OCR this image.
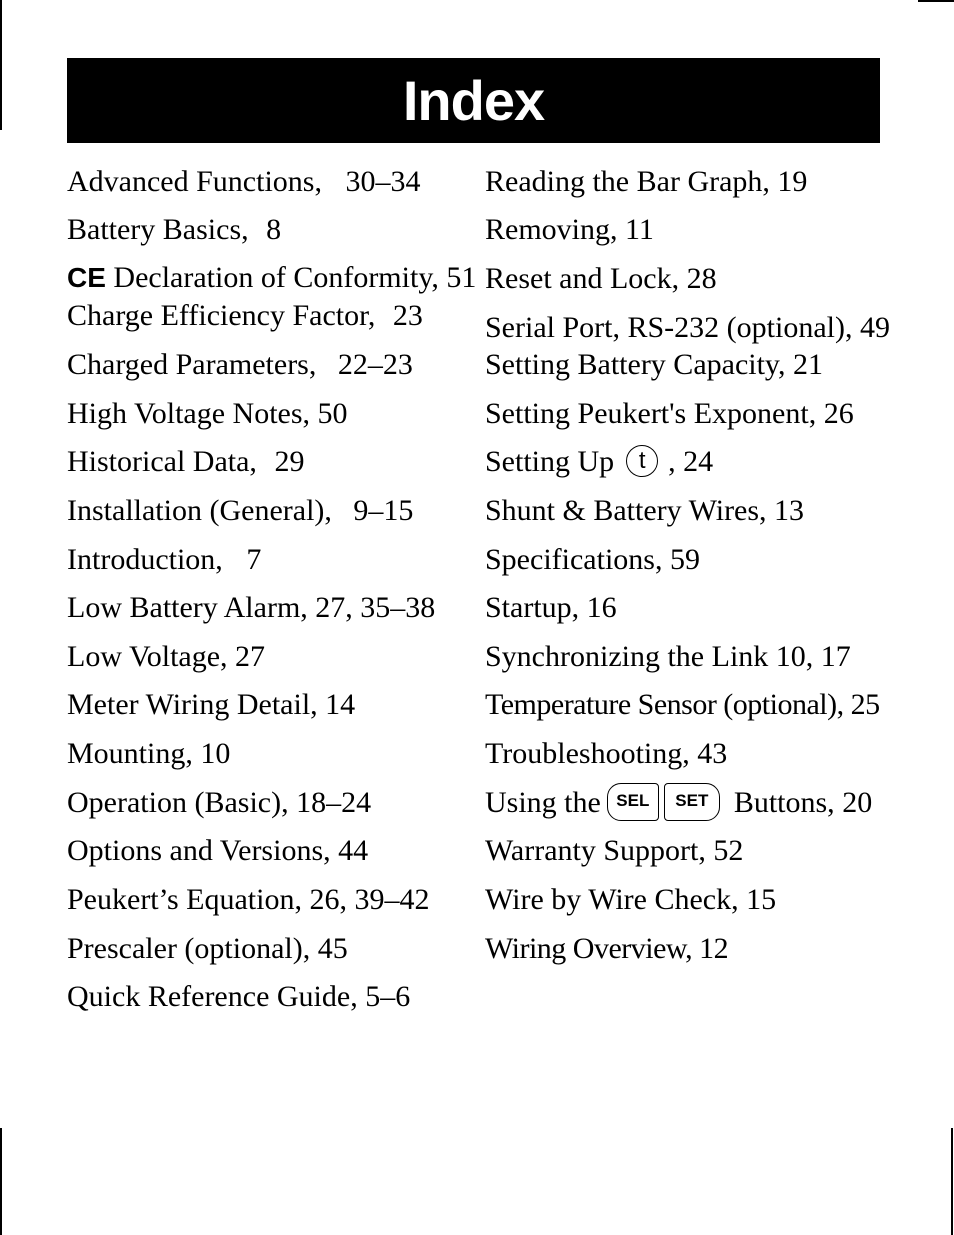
Index
Advanced Functions, 30–34
Battery Basics, 8
CE Declaration of Conformity, 51
Charge Efficiency Factor, 23
Charged Parameters, 22–23
High Voltage Notes, 50
Historical Data, 29
Installation (General), 9–15
Introduction, 7
Low Battery Alarm, 27, 35–38
Low Voltage, 27
Meter Wiring Detail, 14
Mounting, 10
Operation (Basic), 18–24
Options and Versions, 44
Peukert’s Equation, 26, 39–42
Prescaler (optional), 45
Quick Reference Guide, 5–6
Reading the Bar Graph, 19
Removing, 11
Reset and Lock, 28
Serial Port, RS-232 (optional), 49
Setting Battery Capacity, 21
Setting Peukert's Exponent, 26
Setting Up t , 24
Shunt & Battery Wires, 13
Specifications, 59
Startup, 16
Synchronizing the Link 10, 17
Temperature Sensor (optional), 25
Troubleshooting, 43
Using the SEL SET Buttons, 20
Warranty Support, 52
Wire by Wire Check, 15
Wiring Overview, 12
